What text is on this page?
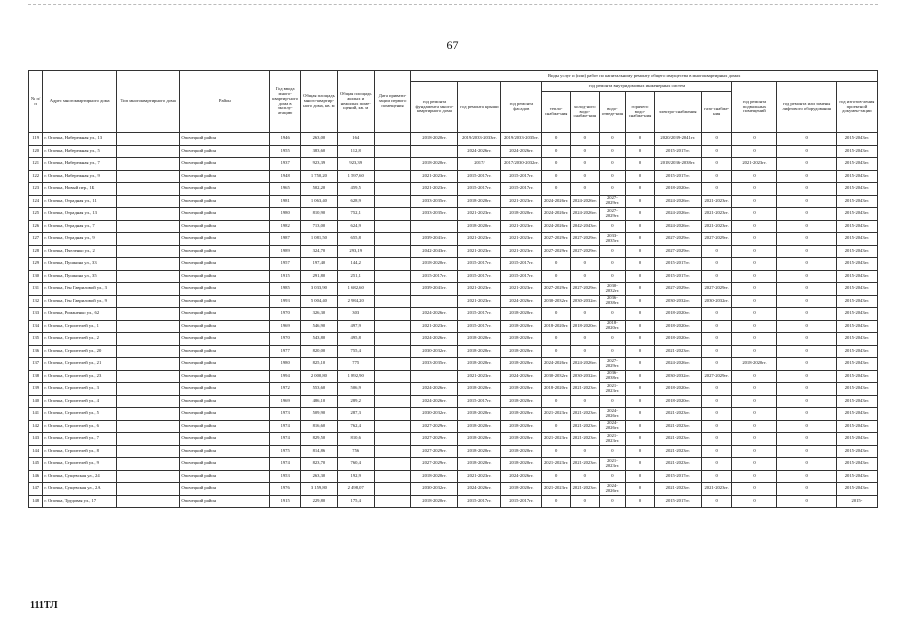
67
№ п/п	Адрес многоквартирного дома	Тип многоквартирного дома	Район	Год ввода много-квартир-ного дома в эксплу-атацию	Общая площадь много-квартир-ного дома, кв. м	Общая площадь жилых и нежилых поме-щений, кв. м	Дата привати-зации первого помещения	Виды услуг и (или) работ по капитальному ремонту общего имущества в многоквартирных домах											
								год ремонта фундамента много-квартирного дома	год ремонта крыши	год ремонта фасадов	год ремонта внутридомовых инженерных систем						год ремонта подвальных помещений	год ремонта или замены лифтового оборудования	год изготов-ления проектной докумен-тации
											тепло-снабже-ния	холод-ного водо-снабже-ния	водо-отведе-ния	горячего водо-снабже-ния	электро-снабжения	газо-снабже-ния			
119	г. Опочка, Набережная ул., 13		Опочецкий район	1946	263,00	164		2018-2020гг.	2019/2033-2033гг.	2019/2033-2035гг.	0	0	0	0	2020/2039-2041гг.	0	0	0	2015-2043гг.
120	г. Опочка, Набережная ул., 5		Опочецкий район	1955	383,60	112,8			2024-2026гг.	2024-2026гг.	0	0	0	0	2015-2017гг.	0	0	0	2015-2043гг.
121	г. Опочка, Набережная ул., 7		Опочецкий район	1937	923,39	923,39		2018-2020гг.	2017/	2017/2030-2032гг.	0	0	0	0	2018/2036-2038гг.	0	2021-2023гг.	0	2015-2043гг.
122	г. Опочка, Набережная ул., 9		Опочецкий район	1948	1 750,20	1 597,60		2021-2023гг.	2015-2017гг.	2015-2017гг.	0	0	0	0	2015-2017гг.	0	0	0	2015-2043гг.
123	г. Опочка, Новый пер., 1Б		Опочецкий район	1965	502,20	459,5		2021-2023гг.	2015-2017гг.	2015-2017гг.	0	0	0	0	2018-2020гг.	0	0	0	2015-2043гг.
124	г. Опочка, Отрадная ул., 11		Опочецкий район	1981	1 063,40	628,9		2033-2035гг.	2018-2020гг.	2021-2023гг.	2024-2026гг.	2024-2026гг.	2027-2029гг.	0	2024-2026гг.	2021-2023гг.	0	0	2015-2043гг.
125	г. Опочка, Отрадная ул., 13		Опочецкий район	1980	810,90	752,1		2033-2035гг.	2021-2023гг.	2018-2020гг.	2024-2026гг.	2024-2026гг.	2027-2029гг.	0	2024-2026гг.	2021-2023гг.	0	0	2015-2043гг.
126	г. Опочка, Отрадная ул., 7		Опочецкий район	1982	713,00	624,9			2018-2020гг.	2021-2023гг.	2024-2026гг.	2042-2043гг.	0	0	2024-2026гг.	2021-2023гг.	0	0	2015-2043гг.
127	г. Опочка, Отрадная ул., 9		Опочецкий район	1987	1 081,50	655,8		2039-2041гг.	2021-2023гг.	2021-2023гг.	2027-2029гг.	2027-2029гг.	2033-2035гг.	0	2027-2029гг.	2027-2029гг.	0	0	2015-2043гг.
128	г. Опочка, Пчеленко ул., 2		Опочецкий район	1989	324,70	293,19		2042-2043гг.	2021-2023гг.	2021-2023гг.	2027-2029гг.	2027-2029гг.	0	0	2027-2029гг.	0	0	0	2015-2043гг.
129	г. Опочка, Пушкина ул., 33		Опочецкий район	1957	197,40	144,2		2018-2020гг.	2015-2017гг.	2015-2017гг.	0	0	0	0	2015-2017гг.	0	0	0	2015-2043гг.
130	г. Опочка, Пушкина ул., 35		Опочецкий район	1915	291,80	251,1		2015-2017гг.	2015-2017гг.	2015-2017гг.	0	0	0	0	2015-2017гг.	0	0	0	2015-2043гг.
131	г. Опочка, Ген Гавриловой ул., 3		Опочецкий район	1985	3 033,90	1 682,60		2039-2041гг.	2021-2023гг.	2021-2023гг.	2027-2029гг.	2027-2029гг.	2030-2032гг.	0	2027-2029гг.	2027-2029гг.	0	0	2015-2043гг.
132	г. Опочка, Ген Гавриловой ул., 9		Опочецкий район	1993	5 004,40	2 984,20			2021-2023гг.	2024-2026гг.	2030-2032гг.	2030-2032гг.	2036-2038гг.	0	2030-2032гг.	2030-2032гг.	0	0	2015-2043гг.
133	г. Опочка, Романенко ул., 62		Опочецкий район	1970	326,30	303		2024-2026гг.	2015-2017гг.	2018-2020гг.	0	0	0	0	2018-2020гг.	0	0	0	2015-2043гг.
134	г. Опочка, Строителей ул., 1		Опочецкий район	1969	546,90	497,9		2021-2023гг.	2015-2017гг.	2018-2020гг.	2018-2020гг.	2018-2020гг.	2018-2020гг.	0	2018-2020гг.	0	0	0	2015-2043гг.
135	г. Опочка, Строителей ул., 2		Опочецкий район	1970	543,80	495,8		2024-2026гг.	2018-2020гг.	2018-2020гг.	0	0	0	0	2018-2020гг.	0	0	0	2015-2043гг.
136	г. Опочка, Строителей ул., 20		Опочецкий район	1977	820,00	755,4		2030-2032гг.	2018-2020гг.	2018-2020гг.	0	0	0	0	2021-2023гг.	0	0	0	2015-2043гг.
137	г. Опочка, Строителей ул., 21		Опочецкий район	1980	825,10	775		2033-2035гг.	2018-2020гг.	2018-2020гг.	2024-2026гг.	2024-2026гг.	2027-2029гг.	0	2024-2026гг.	0	2018-2020гг.	0	2015-2043гг.
138	г. Опочка, Строителей ул., 23		Опочецкий район	1994	2 000,80	1 892,90			2021-2023гг.	2024-2026гг.	2030-2032гг.	2030-2032гг.	2036-2038гг.	0	2030-2032гг.	2027-2029гг.	0	0	2015-2043гг.
139	г. Опочка, Строителей ул., 3		Опочецкий район	1972	553,60	506,9		2024-2026гг.	2018-2020гг.	2018-2020гг.	2018-2020гг.	2021-2023гг.	2021-2023гг.	0	2018-2020гг.	0	0	0	2015-2043гг.
140	г. Опочка, Строителей ул., 4		Опочецкий район	1969	486,10	289,2		2024-2026гг.	2015-2017гг.	2018-2020гг.	0	0	0	0	2018-2020гг.	0	0	0	2015-2043гг.
141	г. Опочка, Строителей ул., 5		Опочецкий район	1973	509,90	287,3		2030-2032гг.	2018-2020гг.	2018-2020гг.	2021-2023гг.	2021-2023гг.	2024-2026гг.	0	2021-2023гг.	0	0	0	2015-2043гг.
142	г. Опочка, Строителей ул., 6		Опочецкий район	1974	816,60	762,4		2027-2029гг.	2018-2020гг.	2018-2020гг.	0	2021-2023гг.	2024-2026гг.	0	2021-2023гг.	0	0	0	2015-2043гг.
143	г. Опочка, Строителей ул., 7		Опочецкий район	1974	829,50	810,6		2027-2029гг.	2018-2020гг.	2018-2020гг.	2021-2023гг.	2021-2023гг.	2021-2023гг.	0	2021-2023гг.	0	0	0	2015-2043гг.
144	г. Опочка, Строителей ул., 8		Опочецкий район	1975	814,86	756		2027-2029гг.	2018-2020гг.	2018-2020гг.	0	0	0	0	2021-2023гг.	0	0	0	2015-2043гг.
145	г. Опочка, Строителей ул., 9		Опочецкий район	1974	823,70	760,4		2027-2029гг.	2018-2020гг.	2018-2020гг.	2021-2023гг.	2021-2023гг.	2021-2023гг.	0	2021-2023гг.	0	0	0	2015-2043гг.
146	г. Опочка, Сущевская ул., 24		Опочецкий район	1953	263,30	192,9		2018-2020гг.	2021-2023гг.	2024-2026гг.	0	0	0	0	2015-2017гг.	0	0	0	2015-2043гг.
147	г. Опочка, Сущевская ул., 2А		Опочецкий район	1976	3 159,80	2 498,07		2030-2032гг.	2024-2026гг.	2018-2020гг.	2021-2023гг.	2021-2023гг.	2024-2026гг.	0	2021-2023гг.	2021-2023гг.	0	0	2015-2043гг.
148	г. Опочка, Трудовая ул., 17		Опочецкий район	1915	229,80	175,4		2018-2020гг.	2015-2017гг.	2015-2017гг.	0	0	0	0	2015-2017гг.	0	0	0	2015-
111ТЛ
